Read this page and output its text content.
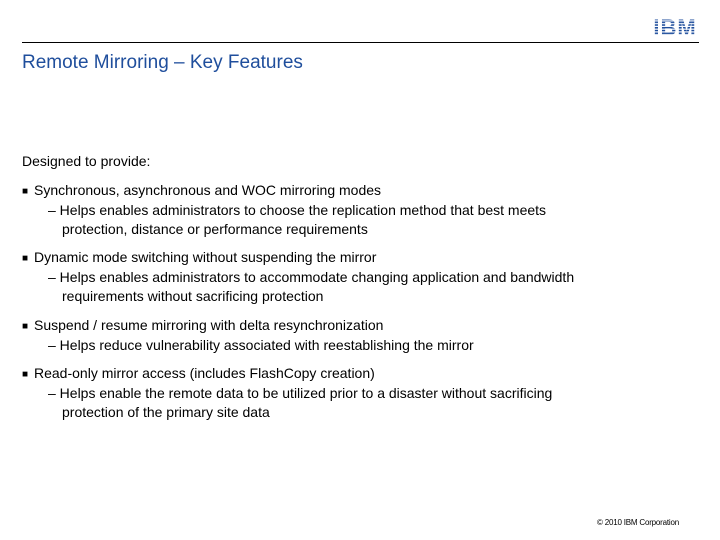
IBM
Remote Mirroring – Key Features
Designed to provide:
■ Synchronous, asynchronous and WOC mirroring modes
– Helps enables administrators to choose the replication method that best meets
protection, distance or performance requirements
■ Dynamic mode switching without suspending the mirror
– Helps enables administrators to accommodate changing application and bandwidth
requirements without sacrificing protection
■ Suspend / resume mirroring with delta resynchronization
– Helps reduce vulnerability associated with reestablishing the mirror
■ Read-only mirror access (includes FlashCopy creation)
– Helps enable the remote data to be utilized prior to a disaster without sacrificing
protection of the primary site data
© 2010 IBM Corporation
